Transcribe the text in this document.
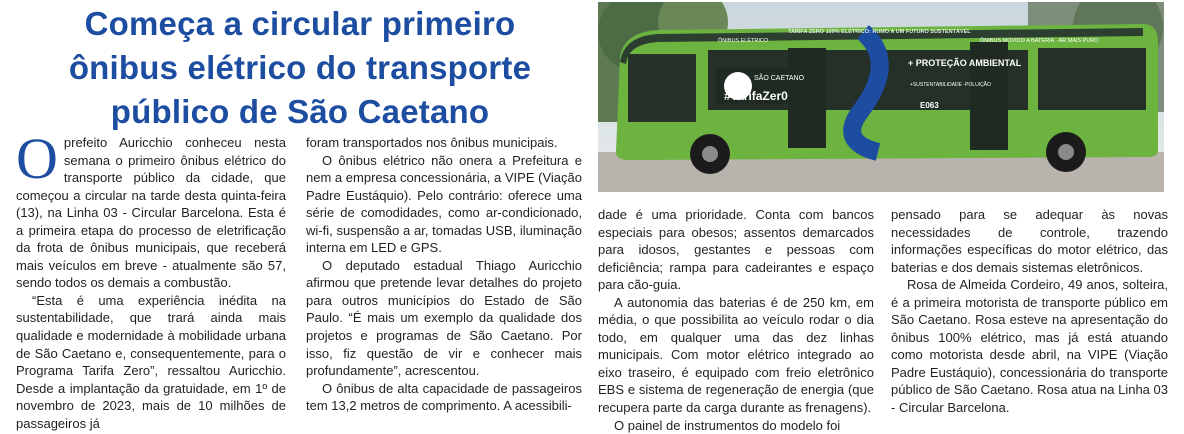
Começa a circular primeiro
ônibus elétrico do transporte
público de São Caetano
SÃO CAETANO
#TarifaZer0
+ PROTEÇÃO AMBIENTAL
+SUSTENTABILIDADE -POLUIÇÃO
E063
ÔNIBUS ELÉTRICO
TARIFA ZERO 100% ELÉTRICO: RUMO A UM FUTURO SUSTENTÁVEL
ÔNIBUS MOVIDO A BATERIA · AR MAIS PURO

Oprefeito Auricchio conheceu nesta semana o primeiro ônibus elétrico do transporte público da cidade, que começou a circular na tarde desta quinta-feira (13), na Linha 03 - Circular Barcelona. Esta é a primeira etapa do processo de eletrificação da frota de ônibus municipais, que receberá mais veículos em breve - atualmente são 57, sendo todos os demais a combustão.

“Esta é uma experiência inédita na sustentabilidade, que trará ainda mais qualidade e modernidade à mobilidade urbana de São Caetano e, consequentemente, para o Programa Tarifa Zero”, ressaltou Auricchio. Desde a implantação da gratuidade, em 1º de novembro de 2023, mais de 10 milhões de passageiros já

foram transportados nos ônibus municipais.

O ônibus elétrico não onera a Prefeitura e nem a empresa concessionária, a VIPE (Viação Padre Eustáquio). Pelo contrário: oferece uma série de comodidades, como ar-condicionado, wi-fi, suspensão a ar, tomadas USB, iluminação interna em LED e GPS.

O deputado estadual Thiago Auricchio afirmou que pretende levar detalhes do projeto para outros municípios do Estado de São Paulo. “É mais um exemplo da qualidade dos projetos e programas de São Caetano. Por isso, fiz questão de vir e conhecer mais profundamente”, acrescentou.

O ônibus de alta capacidade de passageiros tem 13,2 metros de comprimento. A acessibili-

dade é uma prioridade. Conta com bancos especiais para obesos; assentos demarcados para idosos, gestantes e pessoas com deficiência; rampa para cadeirantes e espaço para cão-guia.

A autonomia das baterias é de 250 km, em média, o que possibilita ao veículo rodar o dia todo, em qualquer uma das dez linhas municipais. Com motor elétrico integrado ao eixo traseiro, é equipado com freio eletrônico EBS e sistema de regeneração de energia (que recupera parte da carga durante as frenagens).

O painel de instrumentos do modelo foi

pensado para se adequar às novas necessidades de controle, trazendo informações específicas do motor elétrico, das baterias e dos demais sistemas eletrônicos.

Rosa de Almeida Cordeiro, 49 anos, solteira, é a primeira motorista de transporte público em São Caetano. Rosa esteve na apresentação do ônibus 100% elétrico, mas já está atuando como motorista desde abril, na VIPE (Viação Padre Eustáquio), concessionária do transporte público de São Caetano. Rosa atua na Linha 03 - Circular Barcelona.
